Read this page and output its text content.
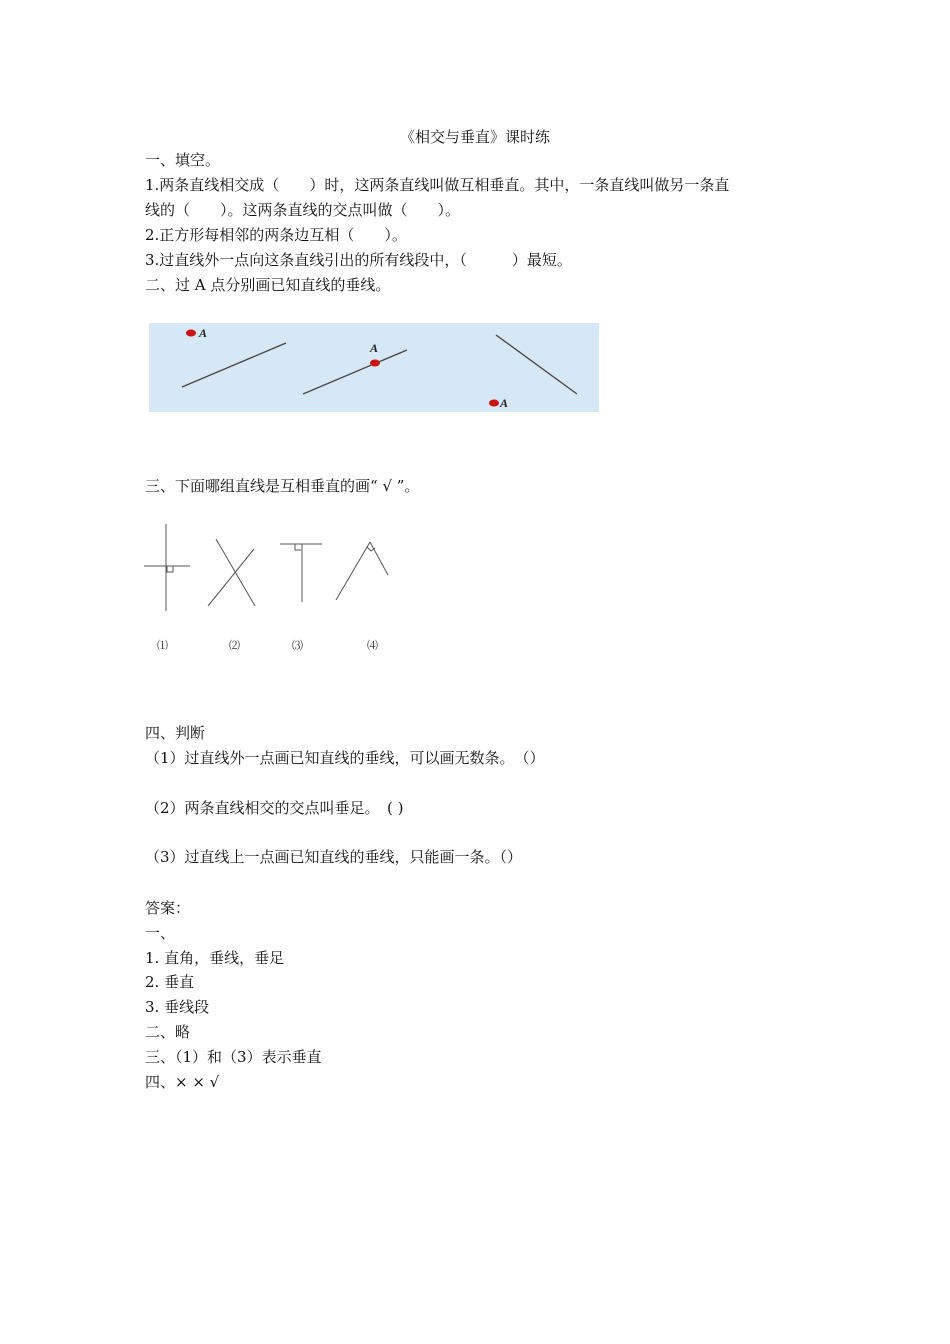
《相交与垂直》课时练
一、填空。
1.两条直线相交成（　　）时，这两条直线叫做互相垂直。其中，一条直线叫做另一条直
线的（　　）。这两条直线的交点叫做（　　）。
2.正方形每相邻的两条边互相（　　）。
3.过直线外一点向这条直线引出的所有线段中，（　　　）最短。
二、过 A 点分别画已知直线的垂线。
A
A
A
三、下面哪组直线是互相垂直的画“ √ ”。
⑴	⑵	⑶	⑷
四、判断
（1）过直线外一点画已知直线的垂线，可以画无数条。　（）
（2）两条直线相交的交点叫垂足。　( )
（3）过直线上一点画已知直线的垂线，只能画一条。（）
答案：
一、
1. 直角，垂线，垂足
2. 垂直
3. 垂线段
二、略
三、（1）和（3）表示垂直
四、× × √
